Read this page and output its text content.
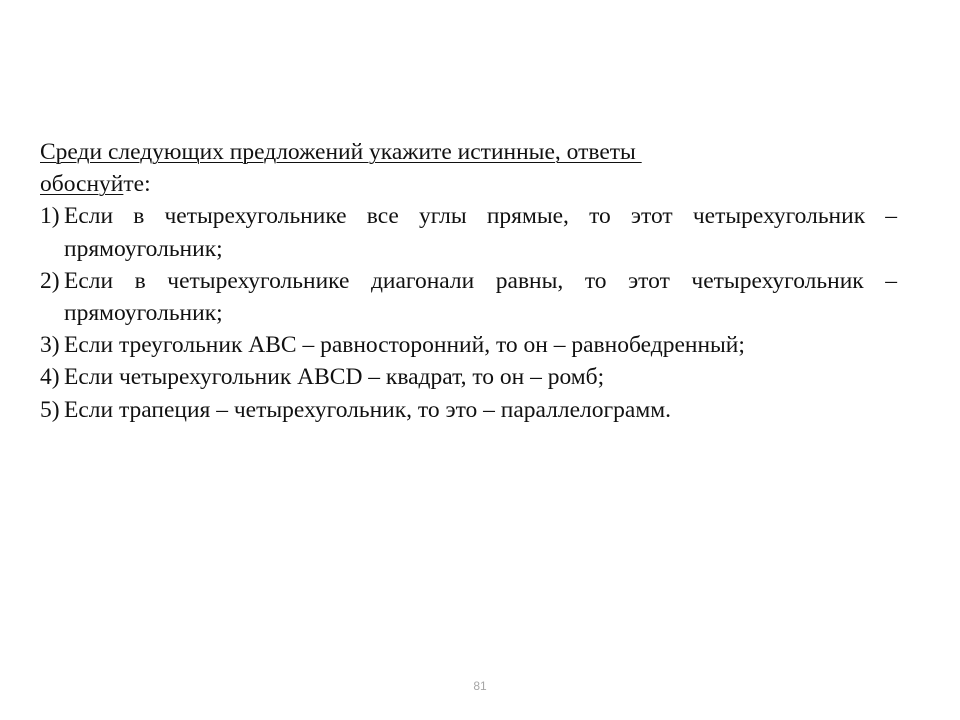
Среди следующих предложений укажите истинные, ответы
обоснуйте:
1) Если в четырехугольнике все углы прямые, то этот четырехугольник – прямоугольник;
2) Если в четырехугольнике диагонали равны, то этот четырехугольник – прямоугольник;
3) Если треугольник АВС – равносторонний, то он – равнобедренный;
4) Если четырехугольник ABCD – квадрат, то он – ромб;
5) Если трапеция – четырехугольник, то это – параллелограмм.
81
